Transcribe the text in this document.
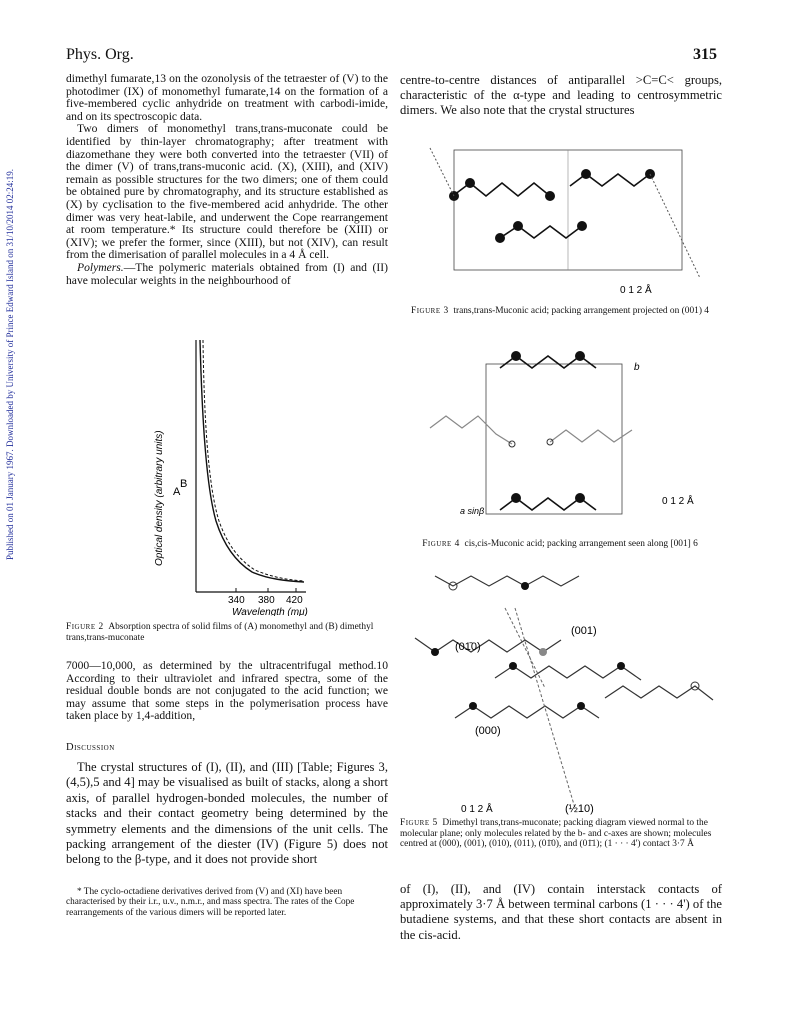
Published on 01 January 1967. Downloaded by University of Prince Edward Island on 31/10/2014 02:24:19.
Phys. Org.	315

dimethyl fumarate,13 on the ozonolysis of the tetraester of (V) to the photodimer (IX) of monomethyl fumarate,14 on the formation of a five-membered cyclic anhydride on treatment with carbodi-imide, and on its spectroscopic data.

Two dimers of monomethyl trans,trans-muconate could be identified by thin-layer chromatography; after treatment with diazomethane they were both converted into the tetraester (VII) of the dimer (V) of trans,trans-muconic acid. (X), (XIII), and (XIV) remain as possible structures for the two dimers; one of them could be obtained pure by chromatography, and its structure established as (X) by cyclisation to the five-membered acid anhydride. The other dimer was very heat-labile, and underwent the Cope rearrangement at room temperature.* Its structure could therefore be (XIII) or (XIV); we prefer the former, since (XIII), but not (XIV), can result from the dimerisation of parallel molecules in a 4 Å cell.

Polymers.—The polymeric materials obtained from (I) and (II) have molecular weights in the neighbourhood of

A
B
340 380 420
Wavelength (mμ)
Optical density (arbitrary units)
Figure 2 Absorption spectra of solid films of (A) monomethyl and (B) dimethyl trans,trans-muconate

7000—10,000, as determined by the ultracentrifugal method.10 According to their ultraviolet and infrared spectra, some of the residual double bonds are not conjugated to the acid function; we may assume that some steps in the polymerisation process have taken place by 1,4-addition,

Discussion

The crystal structures of (I), (II), and (III) [Table; Figures 3, (4,5),5 and 4] may be visualised as built of stacks, along a short axis, of parallel hydrogen-bonded molecules, the number of stacks and their contact geometry being determined by the symmetry elements and the dimensions of the unit cells. The packing arrangement of the diester (IV) (Figure 5) does not belong to the β-type, and it does not provide short

* The cyclo-octadiene derivatives derived from (V) and (XI) have been characterised by their i.r., u.v., n.m.r., and mass spectra. The rates of the Cope rearrangements of the various dimers will be reported later.
centre-to-centre distances of antiparallel >C=C< groups, characteristic of the α-type and leading to centrosymmetric dimers. We also note that the crystal structures
0 1 2 Å
Figure 3 trans,trans-Muconic acid; packing arrangement projected on (001) 4
b
a sinβ
0 1 2 Å
Figure 4 cis,cis-Muconic acid; packing arrangement seen along [001] 6
(001)
(01̄0)
(000)
0 1 2 Å	(½10)
Figure 5 Dimethyl trans,trans-muconate; packing diagram viewed normal to the molecular plane; only molecules related by the b- and c-axes are shown; molecules centred at (000), (001), (010), (011), (01̄0), and (01̄1); (1 · · · 4') contact 3·7 Å
of (I), (II), and (IV) contain interstack contacts of approximately 3·7 Å between terminal carbons (1 · · · 4') of the butadiene systems, and that these short contacts are absent in the cis-acid.
